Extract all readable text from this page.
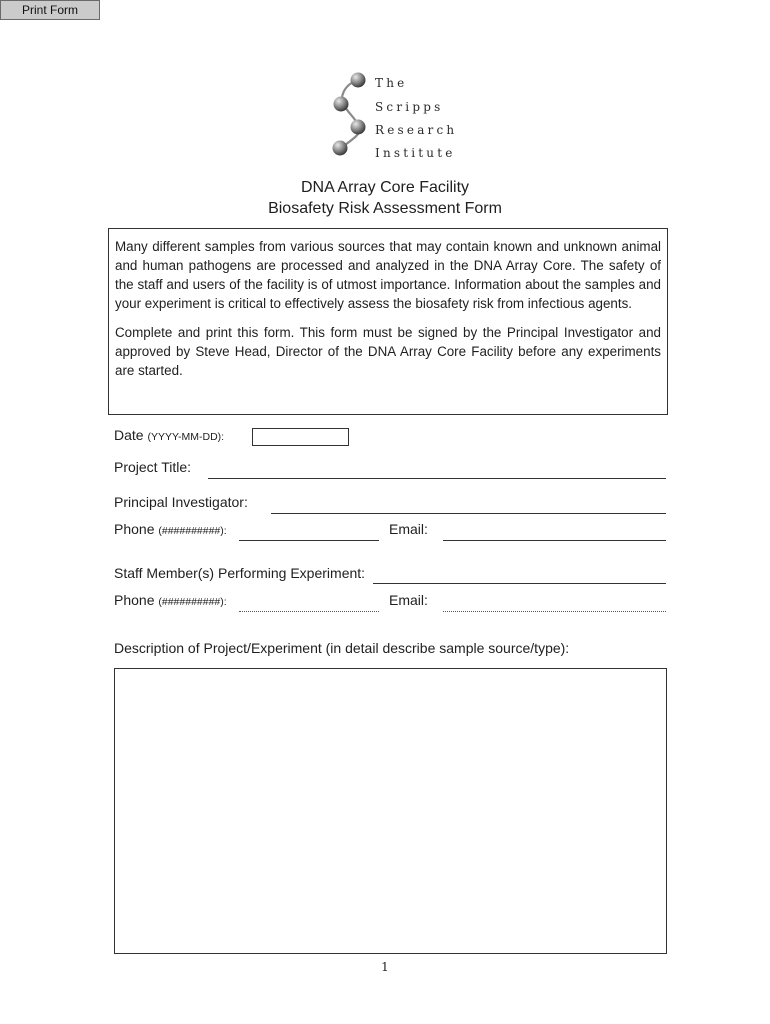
Print Form
The
Scripps
Research
Institute
DNA Array Core Facility
Biosafety Risk Assessment Form

Many different samples from various sources that may contain known and unknown animal and human pathogens are processed and analyzed in the DNA Array Core. The safety of the staff and users of the facility is of utmost importance. Information about the samples and your experiment is critical to effectively assess the biosafety risk from infectious agents.

Complete and print this form. This form must be signed by the Principal Investigator and approved by Steve Head, Director of the DNA Array Core Facility before any experiments are started.

Date (YYYY-MM-DD):
Project Title:
Principal Investigator:
Phone (##########):	Email:
Staff Member(s) Performing Experiment:
Phone (##########):	Email:
Description of Project/Experiment (in detail describe sample source/type):
1
